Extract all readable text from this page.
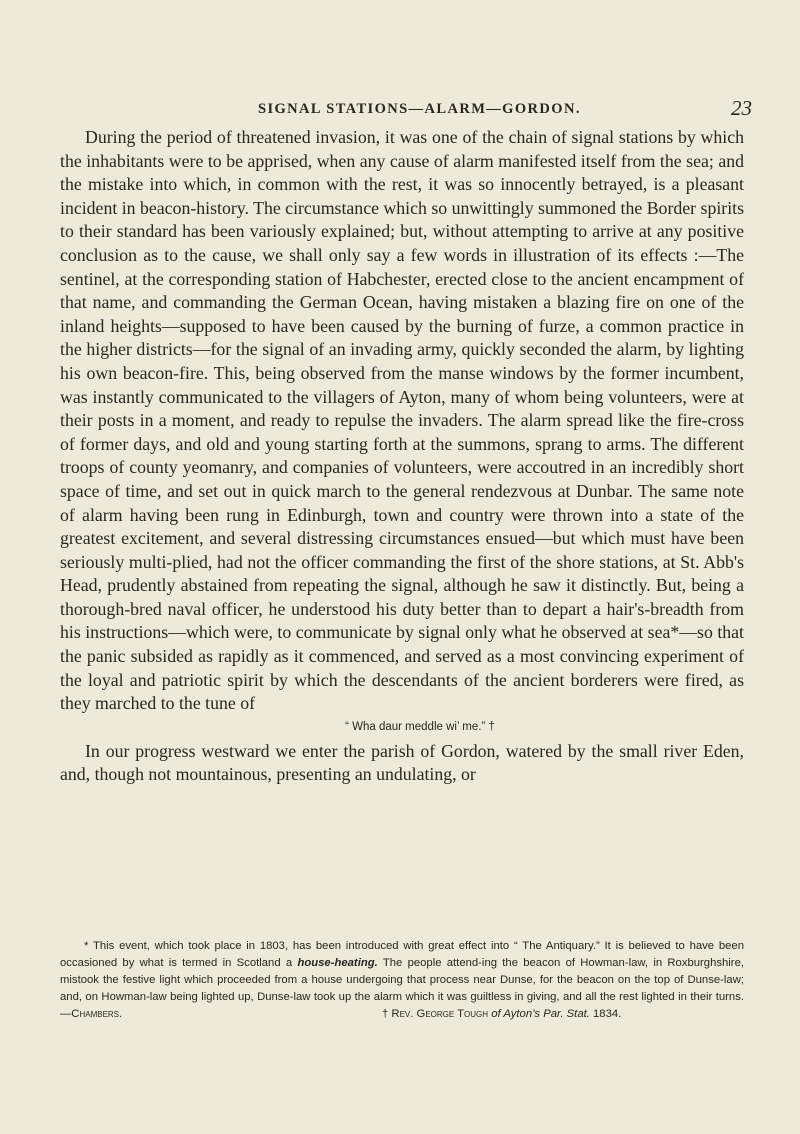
SIGNAL STATIONS—ALARM—GORDON.	23

During the period of threatened invasion, it was one of the chain of signal stations by which the inhabitants were to be apprised, when any cause of alarm manifested itself from the sea; and the mistake into which, in common with the rest, it was so innocently betrayed, is a pleasant incident in beacon-history. The circumstance which so unwittingly summoned the Border spirits to their standard has been variously explained; but, without attempting to arrive at any positive conclusion as to the cause, we shall only say a few words in illustration of its effects :—The sentinel, at the corresponding station of Habchester, erected close to the ancient encampment of that name, and commanding the German Ocean, having mistaken a blazing fire on one of the inland heights—supposed to have been caused by the burning of furze, a common practice in the higher districts—for the signal of an invading army, quickly seconded the alarm, by lighting his own beacon-fire. This, being observed from the manse windows by the former incumbent, was instantly communicated to the villagers of Ayton, many of whom being volunteers, were at their posts in a moment, and ready to repulse the invaders. The alarm spread like the fire-cross of former days, and old and young starting forth at the summons, sprang to arms. The different troops of county yeomanry, and companies of volunteers, were accoutred in an incredibly short space of time, and set out in quick march to the general rendezvous at Dunbar. The same note of alarm having been rung in Edinburgh, town and country were thrown into a state of the greatest excitement, and several distressing circumstances ensued—but which must have been seriously multi-plied, had not the officer commanding the first of the shore stations, at St. Abb's Head, prudently abstained from repeating the signal, although he saw it distinctly. But, being a thorough-bred naval officer, he understood his duty better than to depart a hair's-breadth from his instructions—which were, to communicate by signal only what he observed at sea*—so that the panic subsided as rapidly as it commenced, and served as a most convincing experiment of the loyal and patriotic spirit by which the descendants of the ancient borderers were fired, as they marched to the tune of

“ Wha daur meddle wi’ me.” †

In our progress westward we enter the parish of Gordon, watered by the small river Eden, and, though not mountainous, presenting an undulating, or

* This event, which took place in 1803, has been introduced with great effect into “ The Antiquary.” It is believed to have been occasioned by what is termed in Scotland a house-heating. The people attend-ing the beacon of Howman-law, in Roxburghshire, mistook the festive light which proceeded from a house undergoing that process near Dunse, for the beacon on the top of Dunse-law; and, on Howman-law being lighted up, Dunse-law took up the alarm which it was guiltless in giving, and all the rest lighted in their turns.—Chambers.	† Rev. George Tough of Ayton’s Par. Stat. 1834.
